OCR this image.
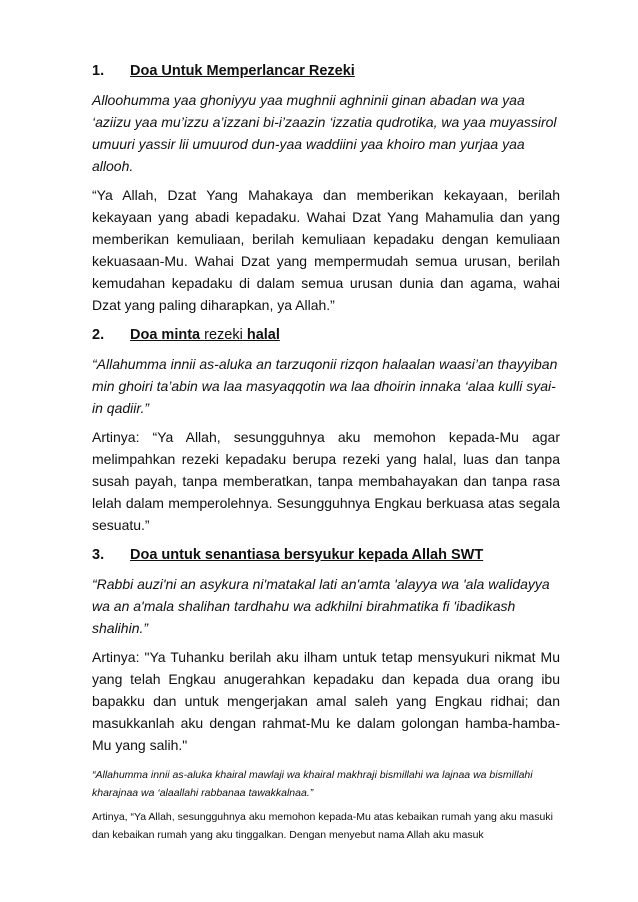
1.	Doa Untuk Memperlancar Rezeki

Alloohumma yaa ghoniyyu yaa mughnii aghninii ginan abadan wa yaa ‘aziizu yaa mu’izzu a’izzani bi-i’zaazin ‘izzatia qudrotika, wa yaa muyassirol umuuri yassir lii umuurod dun-yaa waddiini yaa khoiro man yurjaa yaa allooh.

“Ya Allah, Dzat Yang Mahakaya dan memberikan kekayaan, berilah kekayaan yang abadi kepadaku. Wahai Dzat Yang Mahamulia dan yang memberikan kemuliaan, berilah kemuliaan kepadaku dengan kemuliaan kekuasaan-Mu. Wahai Dzat yang mempermudah semua urusan, berilah kemudahan kepadaku di dalam semua urusan dunia dan agama, wahai Dzat yang paling diharapkan, ya Allah.”

2.	Doa minta rezeki halal

“Allahumma innii as-aluka an tarzuqonii rizqon halaalan waasi’an thayyiban min ghoiri ta’abin wa laa masyaqqotin wa laa dhoirin innaka ‘alaa kulli syai-in qadiir.”

Artinya: “Ya Allah, sesungguhnya aku memohon kepada-Mu agar melimpahkan rezeki kepadaku berupa rezeki yang halal, luas dan tanpa susah payah, tanpa memberatkan, tanpa membahayakan dan tanpa rasa lelah dalam memperolehnya. Sesungguhnya Engkau berkuasa atas segala sesuatu.”

3.	Doa untuk senantiasa bersyukur kepada Allah SWT

“Rabbi auzi'ni an asykura ni'matakal lati an'amta 'alayya wa 'ala walidayya wa an a'mala shalihan tardhahu wa adkhilni birahmatika fi 'ibadikash shalihin.”

Artinya: "Ya Tuhanku berilah aku ilham untuk tetap mensyukuri nikmat Mu yang telah Engkau anugerahkan kepadaku dan kepada dua orang ibu bapakku dan untuk mengerjakan amal saleh yang Engkau ridhai; dan masukkanlah aku dengan rahmat-Mu ke dalam golongan hamba-hamba-Mu yang salih."

“Allahumma innii as-aluka khairal mawlaji wa khairal makhraji bismillahi wa lajnaa wa bismillahi kharajnaa wa ‘alaallahi rabbanaa tawakkalnaa.”

Artinya, “Ya Allah, sesungguhnya aku memohon kepada-Mu atas kebaikan rumah yang aku masuki dan kebaikan rumah yang aku tinggalkan. Dengan menyebut nama Allah aku masuk
